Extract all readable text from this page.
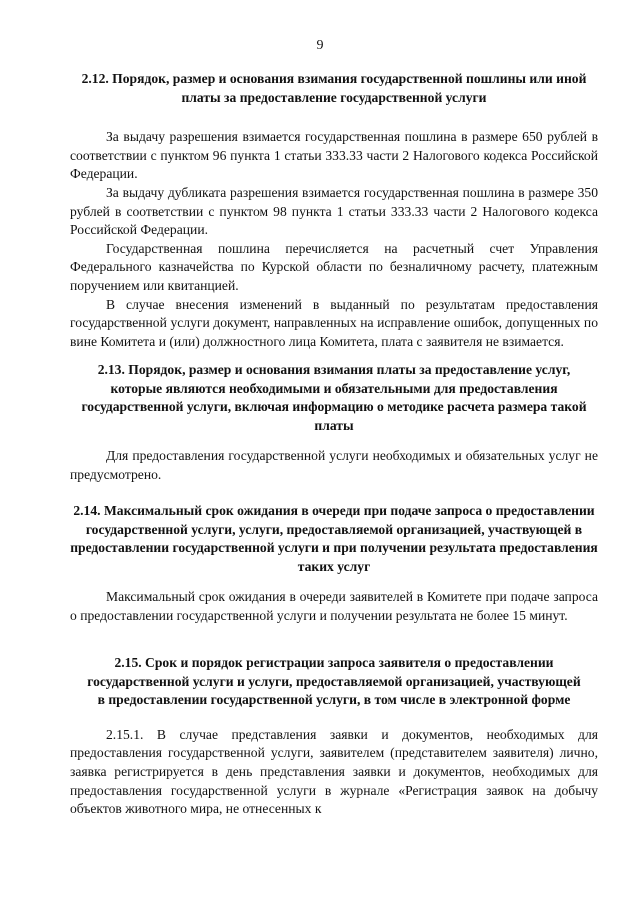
9

2.12. Порядок, размер и основания взимания государственной пошлины или иной платы за предоставление государственной услуги

За выдачу разрешения взимается государственная пошлина в размере 650 рублей в соответствии с пунктом 96 пункта 1 статьи 333.33 части 2 Налогового кодекса Российской Федерации.

За выдачу дубликата разрешения взимается государственная пошлина в размере 350 рублей в соответствии с пунктом 98 пункта 1 статьи 333.33 части 2 Налогового кодекса Российской Федерации.

Государственная пошлина перечисляется на расчетный счет Управления Федерального казначейства по Курской области по безналичному расчету, платежным поручением или квитанцией.

В случае внесения изменений в выданный по результатам предоставления государственной услуги документ, направленных на исправление ошибок, допущенных по вине Комитета и (или) должностного лица Комитета, плата с заявителя не взимается.

2.13. Порядок, размер и основания взимания платы за предоставление услуг, которые являются необходимыми и обязательными для предоставления государственной услуги, включая информацию о методике расчета размера такой платы

Для предоставления государственной услуги необходимых и обязательных услуг не предусмотрено.

2.14. Максимальный срок ожидания в очереди при подаче запроса о предоставлении государственной услуги, услуги, предоставляемой организацией, участвующей в предоставлении государственной услуги и при получении результата предоставления таких услуг

Максимальный срок ожидания в очереди заявителей в Комитете при подаче запроса о предоставлении государственной услуги и получении результата не более 15 минут.

2.15. Срок и порядок регистрации запроса заявителя о предоставлении государственной услуги и услуги, предоставляемой организацией, участвующей в предоставлении государственной услуги, в том числе в электронной форме

2.15.1. В случае представления заявки и документов, необходимых для предоставления государственной услуги, заявителем (представителем заявителя) лично, заявка регистрируется в день представления заявки и документов, необходимых для предоставления государственной услуги в журнале «Регистрация заявок на добычу объектов животного мира, не отнесенных к
